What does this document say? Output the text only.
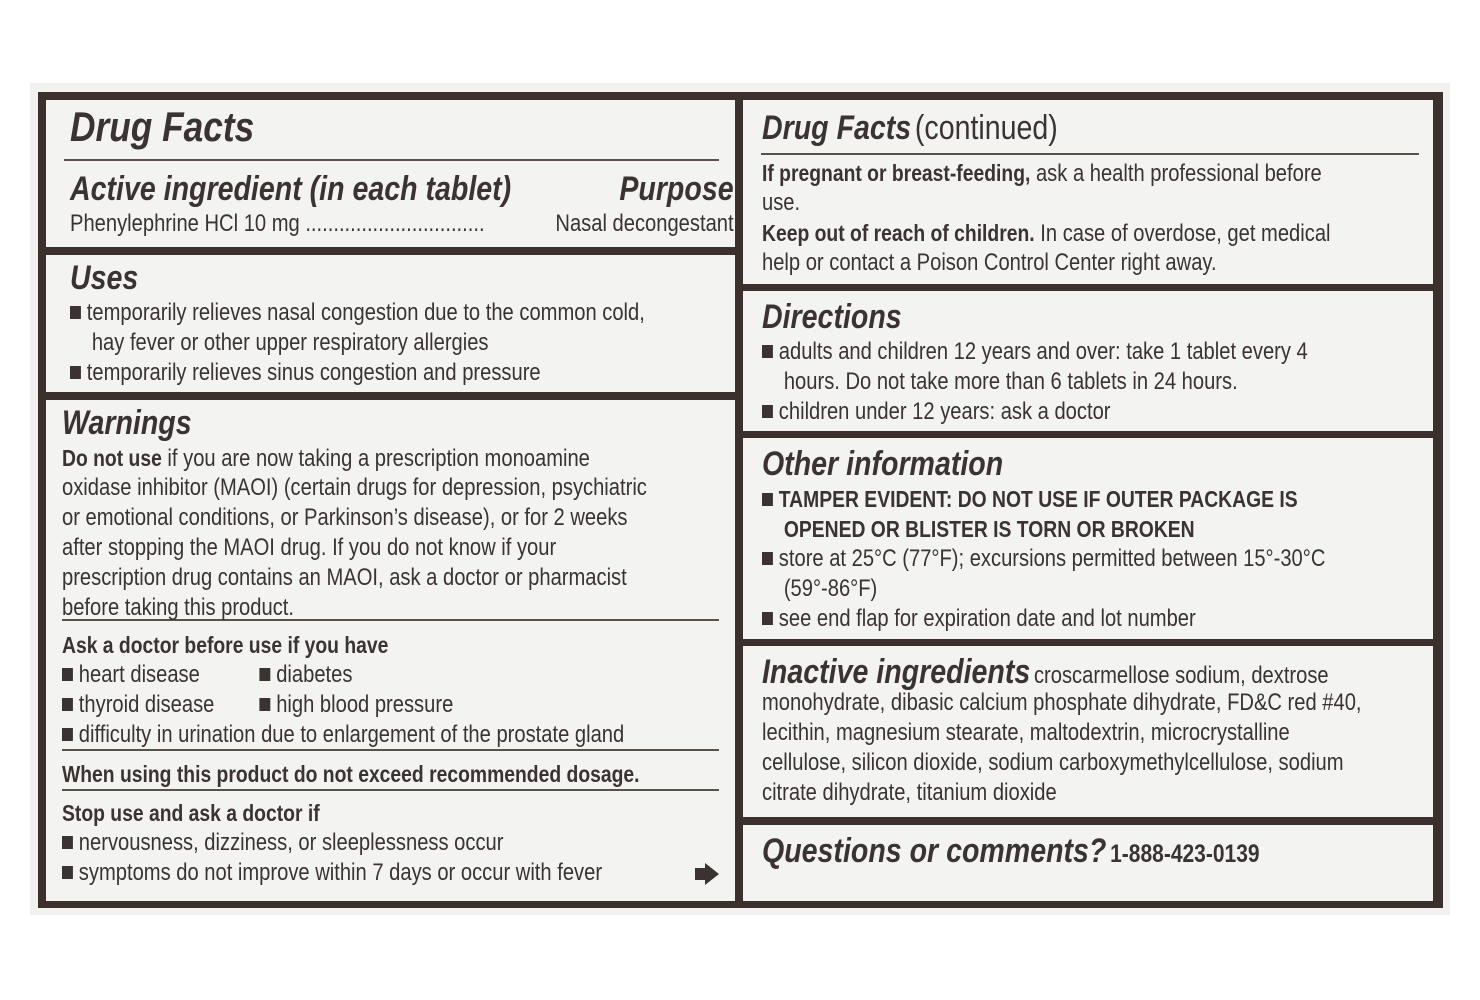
Drug Facts
Active ingredient (in each tablet)	Purpose
Phenylephrine HCl 10 mg ................................	Nasal decongestant
Uses
temporarily relieves nasal congestion due to the common cold,
hay fever or other upper respiratory allergies
temporarily relieves sinus congestion and pressure
Warnings
Do not use if you are now taking a prescription monoamine
oxidase inhibitor (MAOI) (certain drugs for depression, psychiatric
or emotional conditions, or Parkinson’s disease), or for 2 weeks
after stopping the MAOI drug. If you do not know if your
prescription drug contains an MAOI, ask a doctor or pharmacist
before taking this product.
Ask a doctor before use if you have
heart disease	diabetes
thyroid disease	high blood pressure
difficulty in urination due to enlargement of the prostate gland
When using this product do not exceed recommended dosage.
Stop use and ask a doctor if
nervousness, dizziness, or sleeplessness occur
symptoms do not improve within 7 days or occur with fever
Drug Facts (continued)
If pregnant or breast-feeding, ask a health professional before
use.
Keep out of reach of children. In case of overdose, get medical
help or contact a Poison Control Center right away.
Directions
adults and children 12 years and over: take 1 tablet every 4
hours. Do not take more than 6 tablets in 24 hours.
children under 12 years: ask a doctor
Other information
TAMPER EVIDENT: DO NOT USE IF OUTER PACKAGE IS
OPENED OR BLISTER IS TORN OR BROKEN
store at 25°C (77°F); excursions permitted between 15°-30°C
(59°-86°F)
see end flap for expiration date and lot number
Inactive ingredients croscarmellose sodium, dextrose
monohydrate, dibasic calcium phosphate dihydrate, FD&C red #40,
lecithin, magnesium stearate, maltodextrin, microcrystalline
cellulose, silicon dioxide, sodium carboxymethylcellulose, sodium
citrate dihydrate, titanium dioxide
Questions or comments? 1-888-423-0139
